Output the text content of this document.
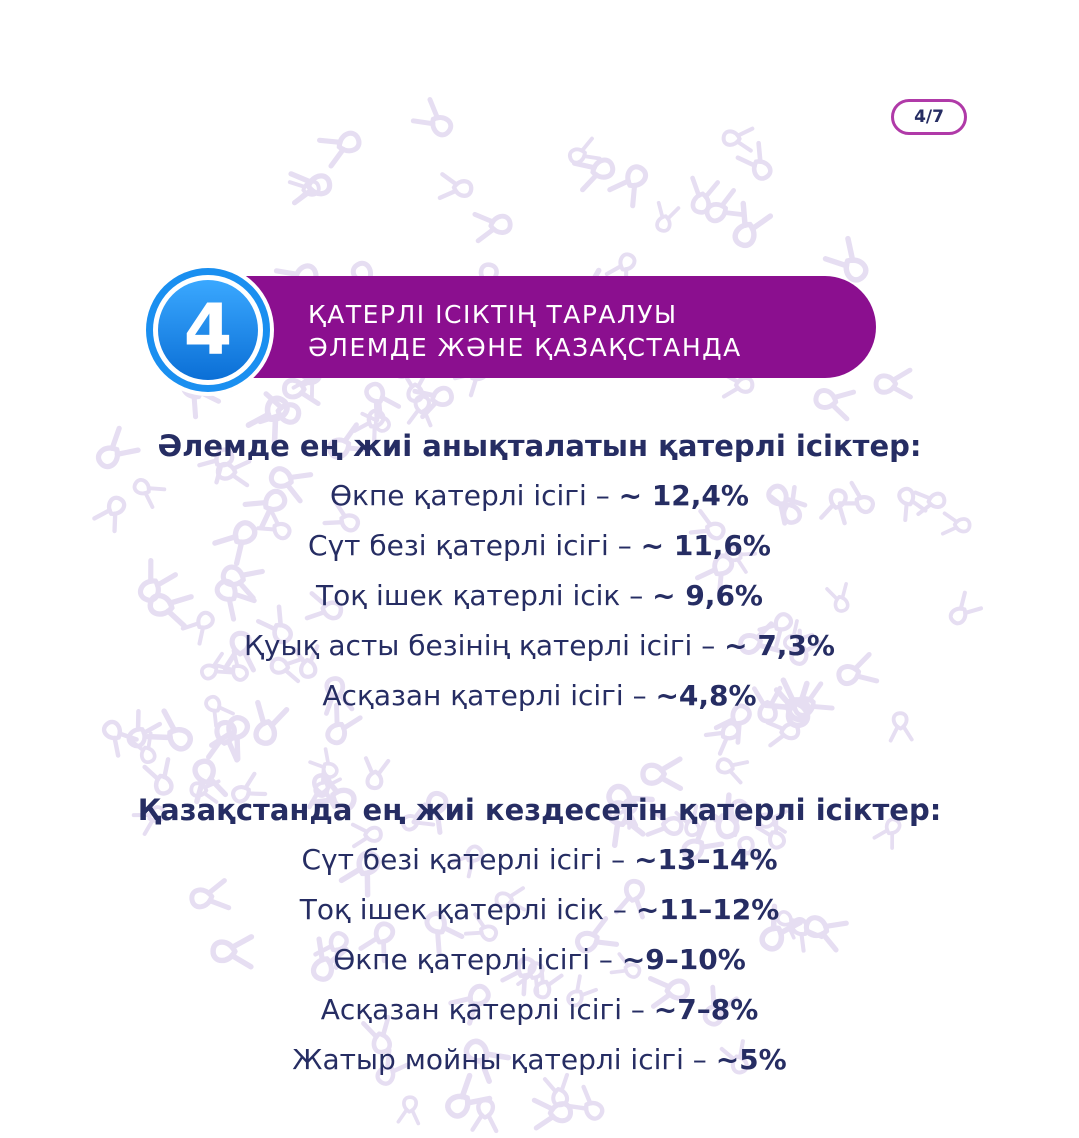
4/7
4	ҚАТЕРЛІ ІСІКТІҢ ТАРАЛУЫ
ӘЛЕМДЕ ЖӘНЕ ҚАЗАҚСТАНДА
Әлемде ең жиі анықталатын қатерлі ісіктер:
Өкпе қатерлі ісігі – ~ 12,4%
Сүт безі қатерлі ісігі – ~ 11,6%
Тоқ ішек қатерлі ісік – ~ 9,6%
Қуық асты безінің қатерлі ісігі – ~ 7,3%
Асқазан қатерлі ісігі – ~4,8%
Қазақстанда ең жиі кездесетін қатерлі ісіктер:
Сүт безі қатерлі ісігі – ~13–14%
Тоқ ішек қатерлі ісік – ~11–12%
Өкпе қатерлі ісігі – ~9–10%
Асқазан қатерлі ісігі – ~7–8%
Жатыр мойны қатерлі ісігі – ~5%
